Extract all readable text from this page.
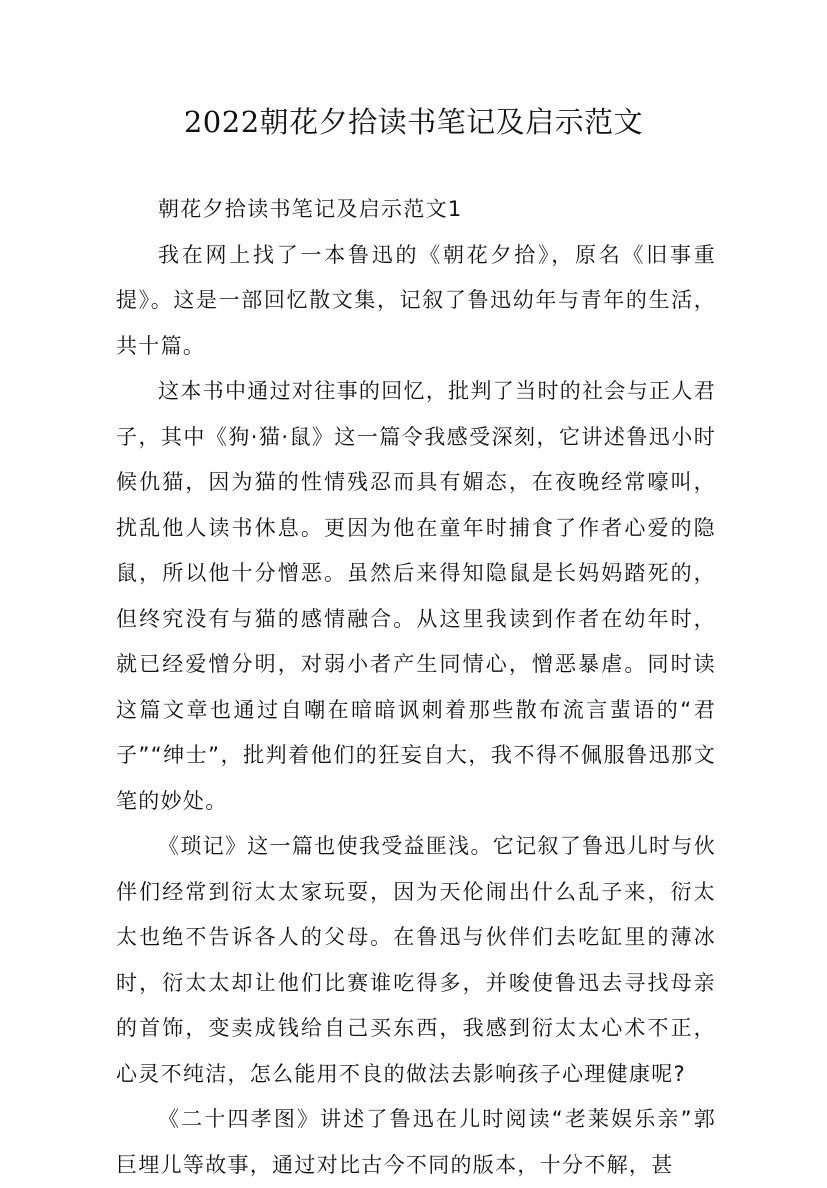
2022朝花夕拾读书笔记及启示范文

朝花夕拾读书笔记及启示范文1

我在网上找了一本鲁迅的《朝花夕拾》，原名《旧事重提》。这是一部回忆散文集，记叙了鲁迅幼年与青年的生活，共十篇。

这本书中通过对往事的回忆，批判了当时的社会与正人君子，其中《狗·猫·鼠》这一篇令我感受深刻，它讲述鲁迅小时候仇猫，因为猫的性情残忍而具有媚态，在夜晚经常嚎叫，扰乱他人读书休息。更因为他在童年时捕食了作者心爱的隐鼠，所以他十分憎恶。虽然后来得知隐鼠是长妈妈踏死的，但终究没有与猫的感情融合。从这里我读到作者在幼年时，就已经爱憎分明，对弱小者产生同情心，憎恶暴虐。同时读这篇文章也通过自嘲在暗暗讽刺着那些散布流言蜚语的“君子”“绅士”，批判着他们的狂妄自大，我不得不佩服鲁迅那文笔的妙处。

《琐记》这一篇也使我受益匪浅。它记叙了鲁迅儿时与伙伴们经常到衍太太家玩耍，因为天伦闹出什么乱子来，衍太太也绝不告诉各人的父母。在鲁迅与伙伴们去吃缸里的薄冰时，衍太太却让他们比赛谁吃得多，并唆使鲁迅去寻找母亲的首饰，变卖成钱给自己买东西，我感到衍太太心术不正，心灵不纯洁，怎么能用不良的做法去影响孩子心理健康呢?

《二十四孝图》讲述了鲁迅在儿时阅读“老莱娱乐亲”郭巨埋儿等故事，通过对比古今不同的版本，十分不解，甚
